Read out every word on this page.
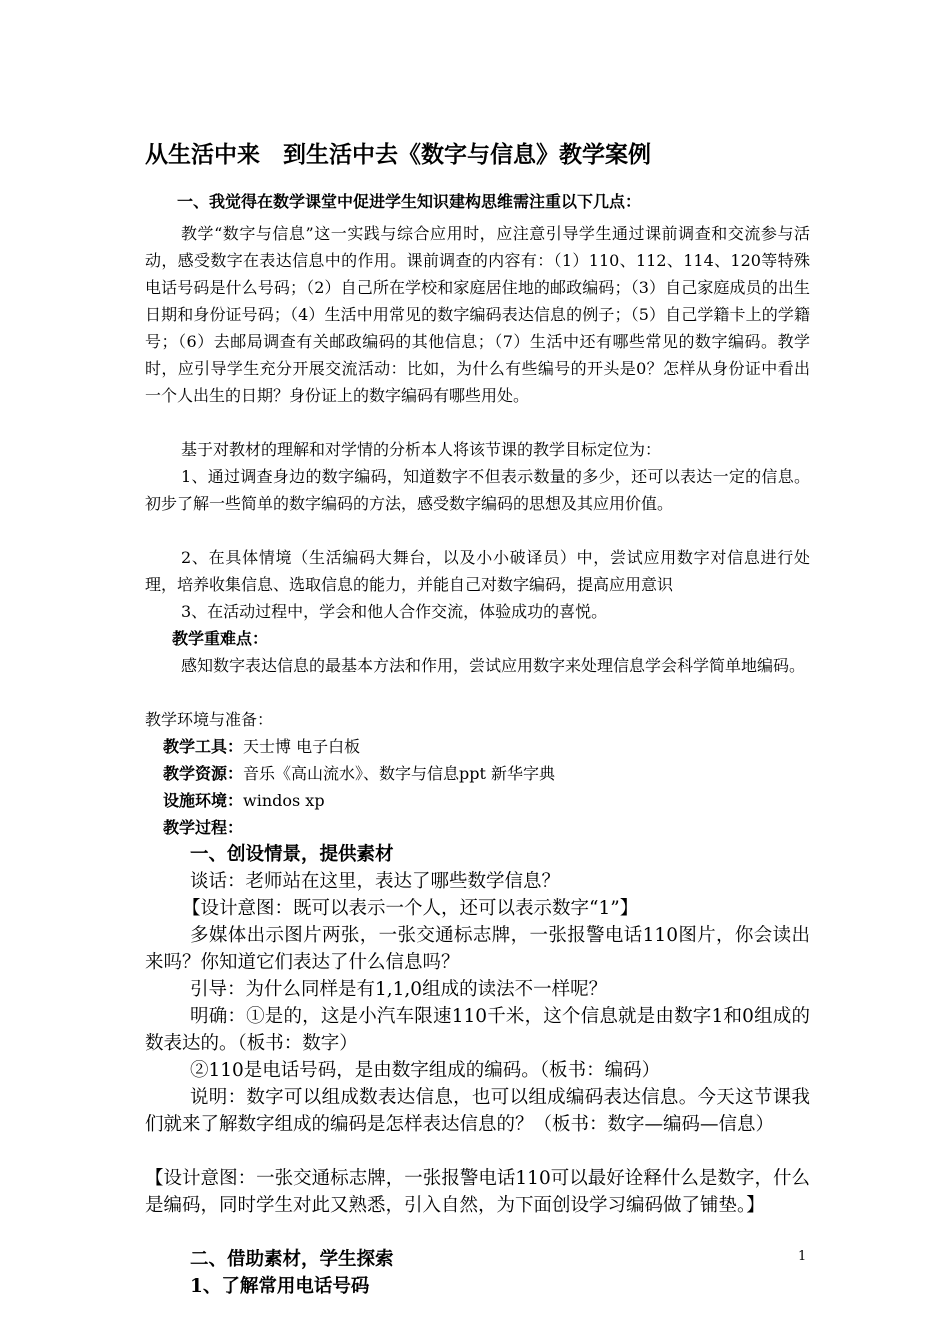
从生活中来　到生活中去《数字与信息》教学案例
一、我觉得在数学课堂中促进学生知识建构思维需注重以下几点：

教学“数字与信息”这一实践与综合应用时，应注意引导学生通过课前调查和交流参与活动，感受数字在表达信息中的作用。课前调查的内容有：（1）110、112、114、120等特殊电话号码是什么号码；（2）自己所在学校和家庭居住地的邮政编码；（3）自己家庭成员的出生日期和身份证号码；（4）生活中用常见的数字编码表达信息的例子；（5）自己学籍卡上的学籍号；（6）去邮局调查有关邮政编码的其他信息；（7）生活中还有哪些常见的数字编码。教学时，应引导学生充分开展交流活动：比如，为什么有些编号的开头是0？怎样从身份证中看出一个人出生的日期？身份证上的数字编码有哪些用处。

基于对教材的理解和对学情的分析本人将该节课的教学目标定位为：

1、通过调查身边的数字编码，知道数字不但表示数量的多少，还可以表达一定的信息。初步了解一些简单的数字编码的方法，感受数字编码的思想及其应用价值。

2、在具体情境（生活编码大舞台，以及小小破译员）中，尝试应用数字对信息进行处理，培养收集信息、选取信息的能力，并能自己对数字编码，提高应用意识

3、在活动过程中，学会和他人合作交流，体验成功的喜悦。

教学重难点：

感知数字表达信息的最基本方法和作用，尝试应用数字来处理信息学会科学简单地编码。

教学环境与准备：

教学工具：天士博 电子白板

教学资源：音乐《高山流水》、数字与信息ppt 新华字典

设施环境：windos xp

教学过程：

一、创设情景，提供素材

谈话：老师站在这里，表达了哪些数学信息？

【设计意图：既可以表示一个人，还可以表示数字“1”】

多媒体出示图片两张，一张交通标志牌，一张报警电话110图片，你会读出来吗？你知道它们表达了什么信息吗？

引导：为什么同样是有1,1,0组成的读法不一样呢？

明确：①是的，这是小汽车限速110千米，这个信息就是由数字1和0组成的数表达的。（板书：数字）

②110是电话号码，是由数字组成的编码。（板书：编码）

说明：数字可以组成数表达信息，也可以组成编码表达信息。今天这节课我们就来了解数字组成的编码是怎样表达信息的？（板书：数字—编码—信息）

【设计意图：一张交通标志牌，一张报警电话110可以最好诠释什么是数字，什么是编码，同时学生对此又熟悉，引入自然，为下面创设学习编码做了铺垫。】

二、借助素材，学生探索

1、了解常用电话号码

1
